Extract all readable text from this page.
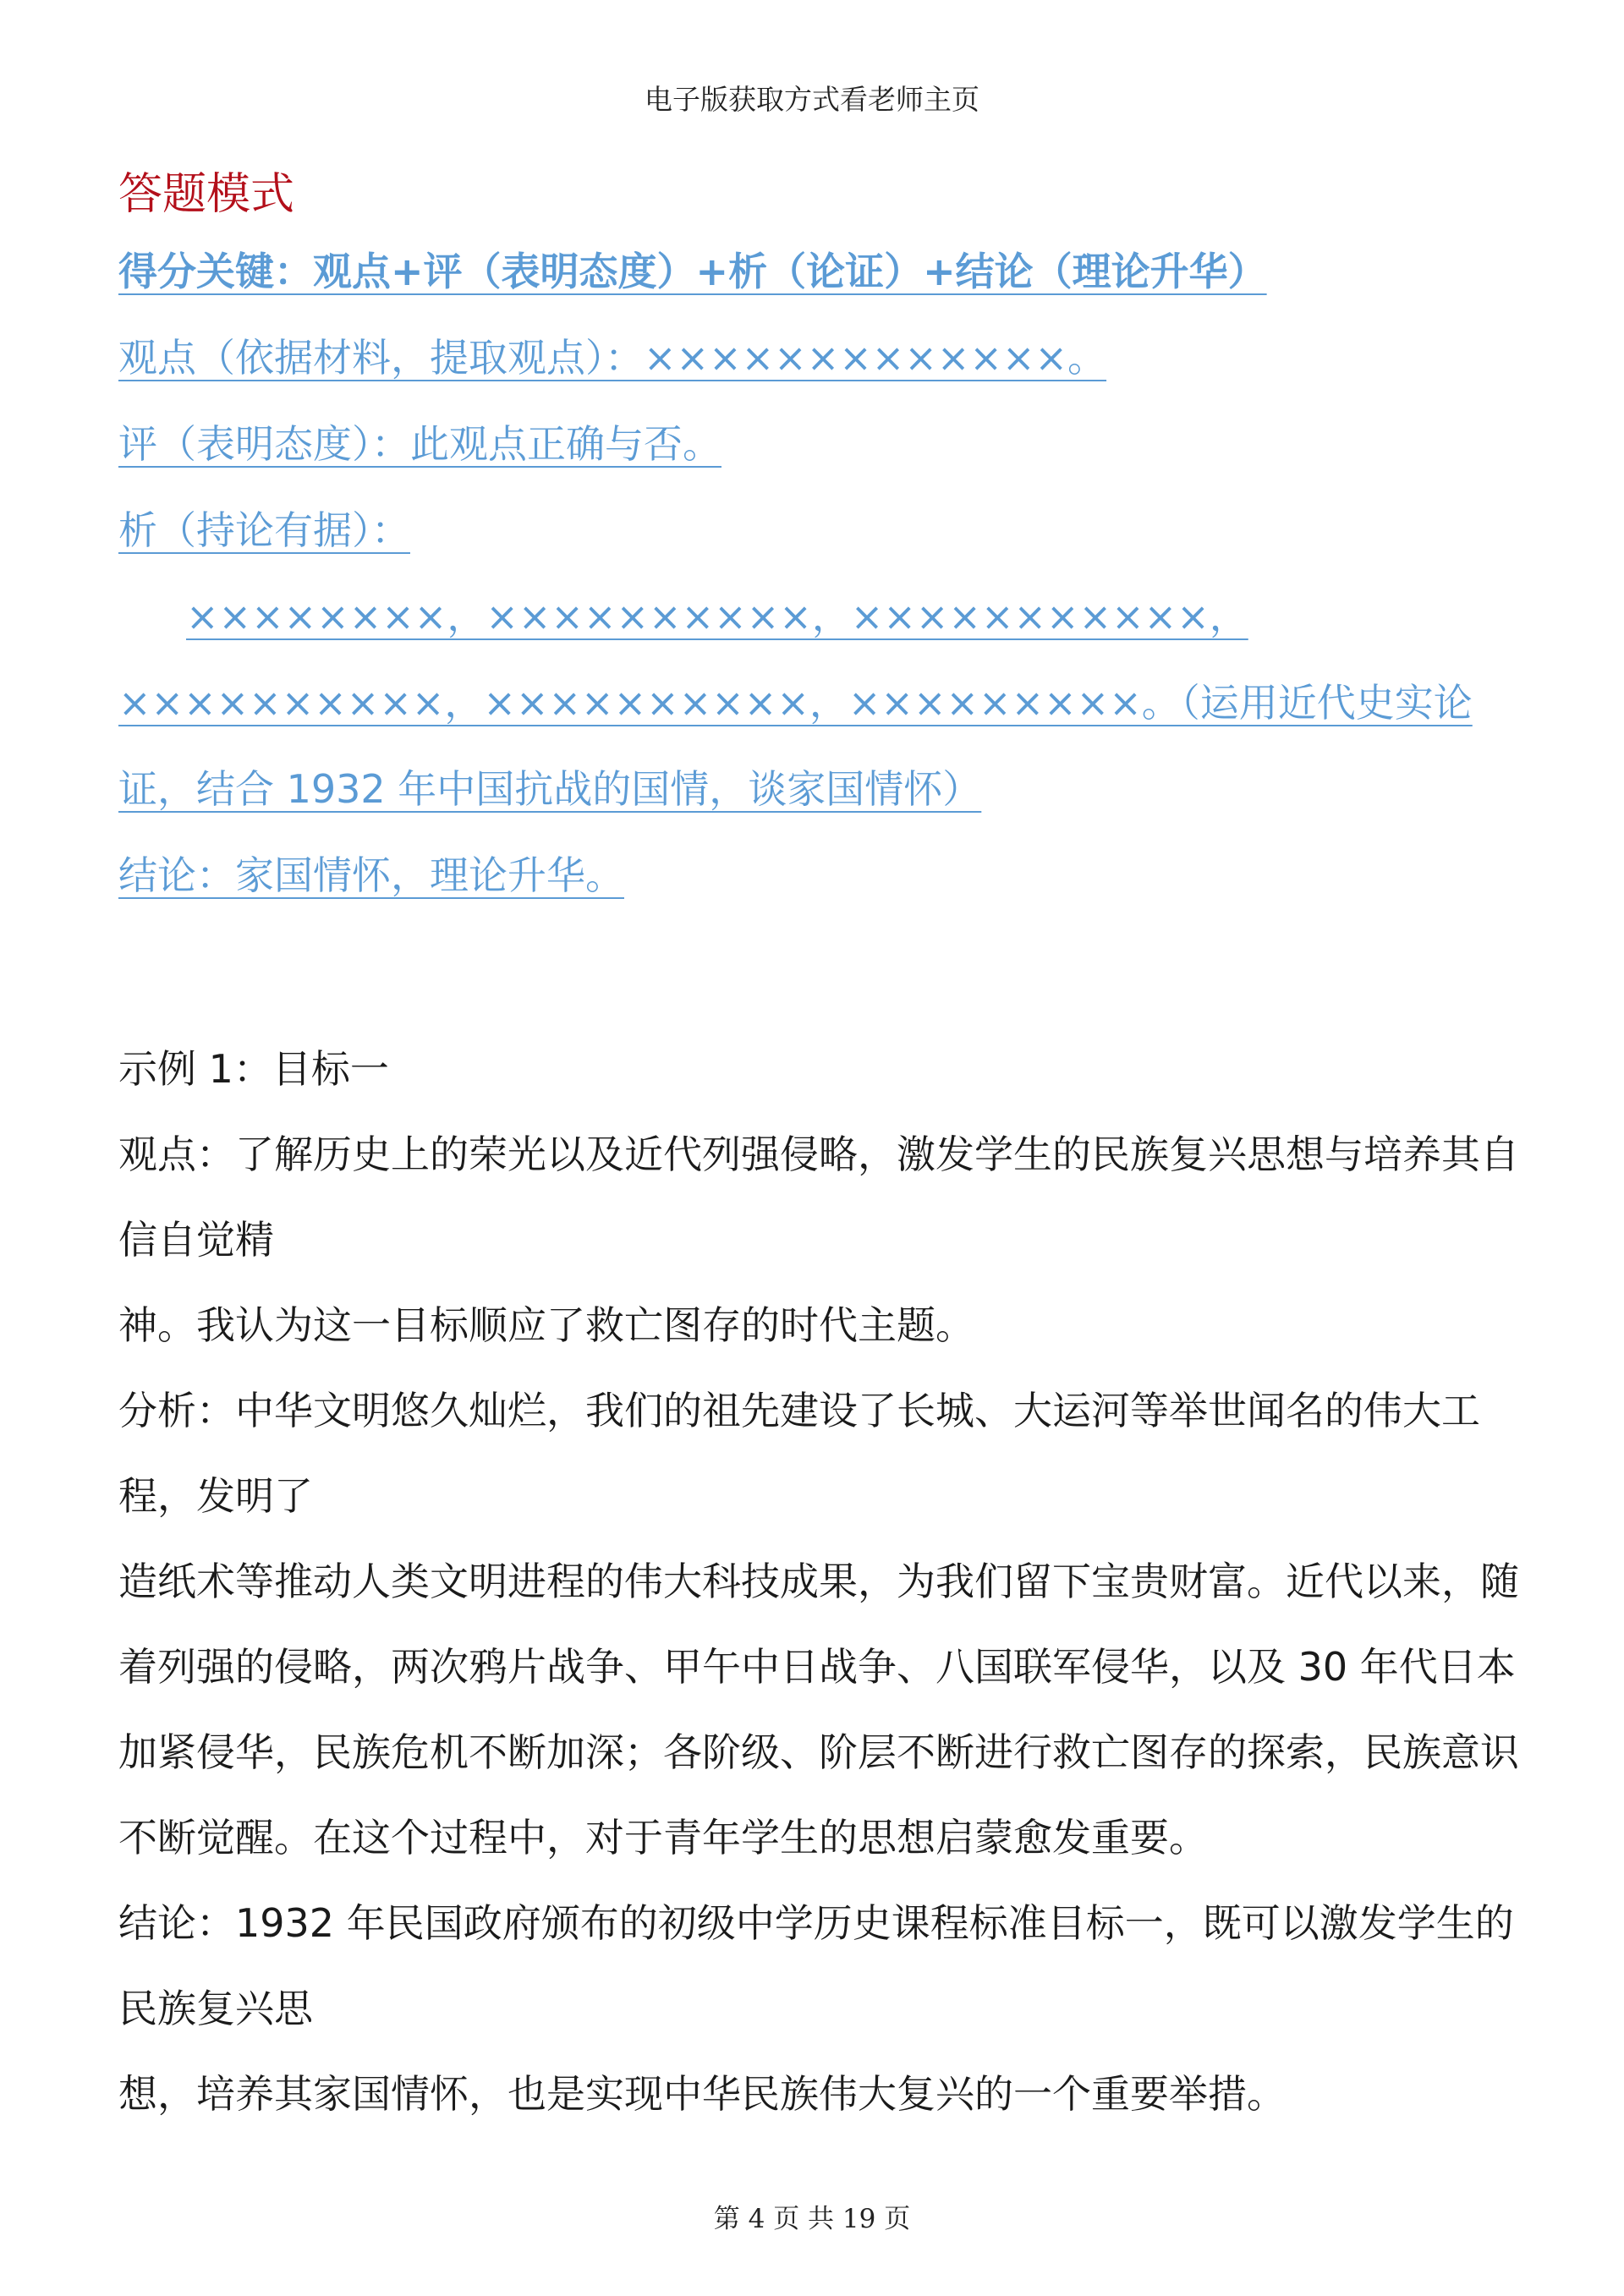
电子版获取方式看老师主页

答题模式

得分关键：观点+评（表明态度）+析（论证）+结论（理论升华）

观点（依据材料，提取观点）：×××××××××××××。

评（表明态度）：此观点正确与否。

析（持论有据）：

××××××××，××××××××××，×××××××××××，××××××××××，××××××××××，×××××××××。（运用近代史实论证，结合 1932 年中国抗战的国情，谈家国情怀）

结论：家国情怀，理论升华。

示例 1：目标一

观点：了解历史上的荣光以及近代列强侵略，激发学生的民族复兴思想与培养其自信自觉精

神。我认为这一目标顺应了救亡图存的时代主题。

分析：中华文明悠久灿烂，我们的祖先建设了长城、大运河等举世闻名的伟大工程，发明了

造纸术等推动人类文明进程的伟大科技成果，为我们留下宝贵财富。近代以来，随着列强的侵略，两次鸦片战争、甲午中日战争、八国联军侵华，以及 30 年代日本加紧侵华，民族危机不断加深；各阶级、阶层不断进行救亡图存的探索，民族意识不断觉醒。在这个过程中，对于青年学生的思想启蒙愈发重要。

结论：1932 年民国政府颁布的初级中学历史课程标准目标一，既可以激发学生的民族复兴思

想，培养其家国情怀，也是实现中华民族伟大复兴的一个重要举措。

第 4 页 共 19 页
